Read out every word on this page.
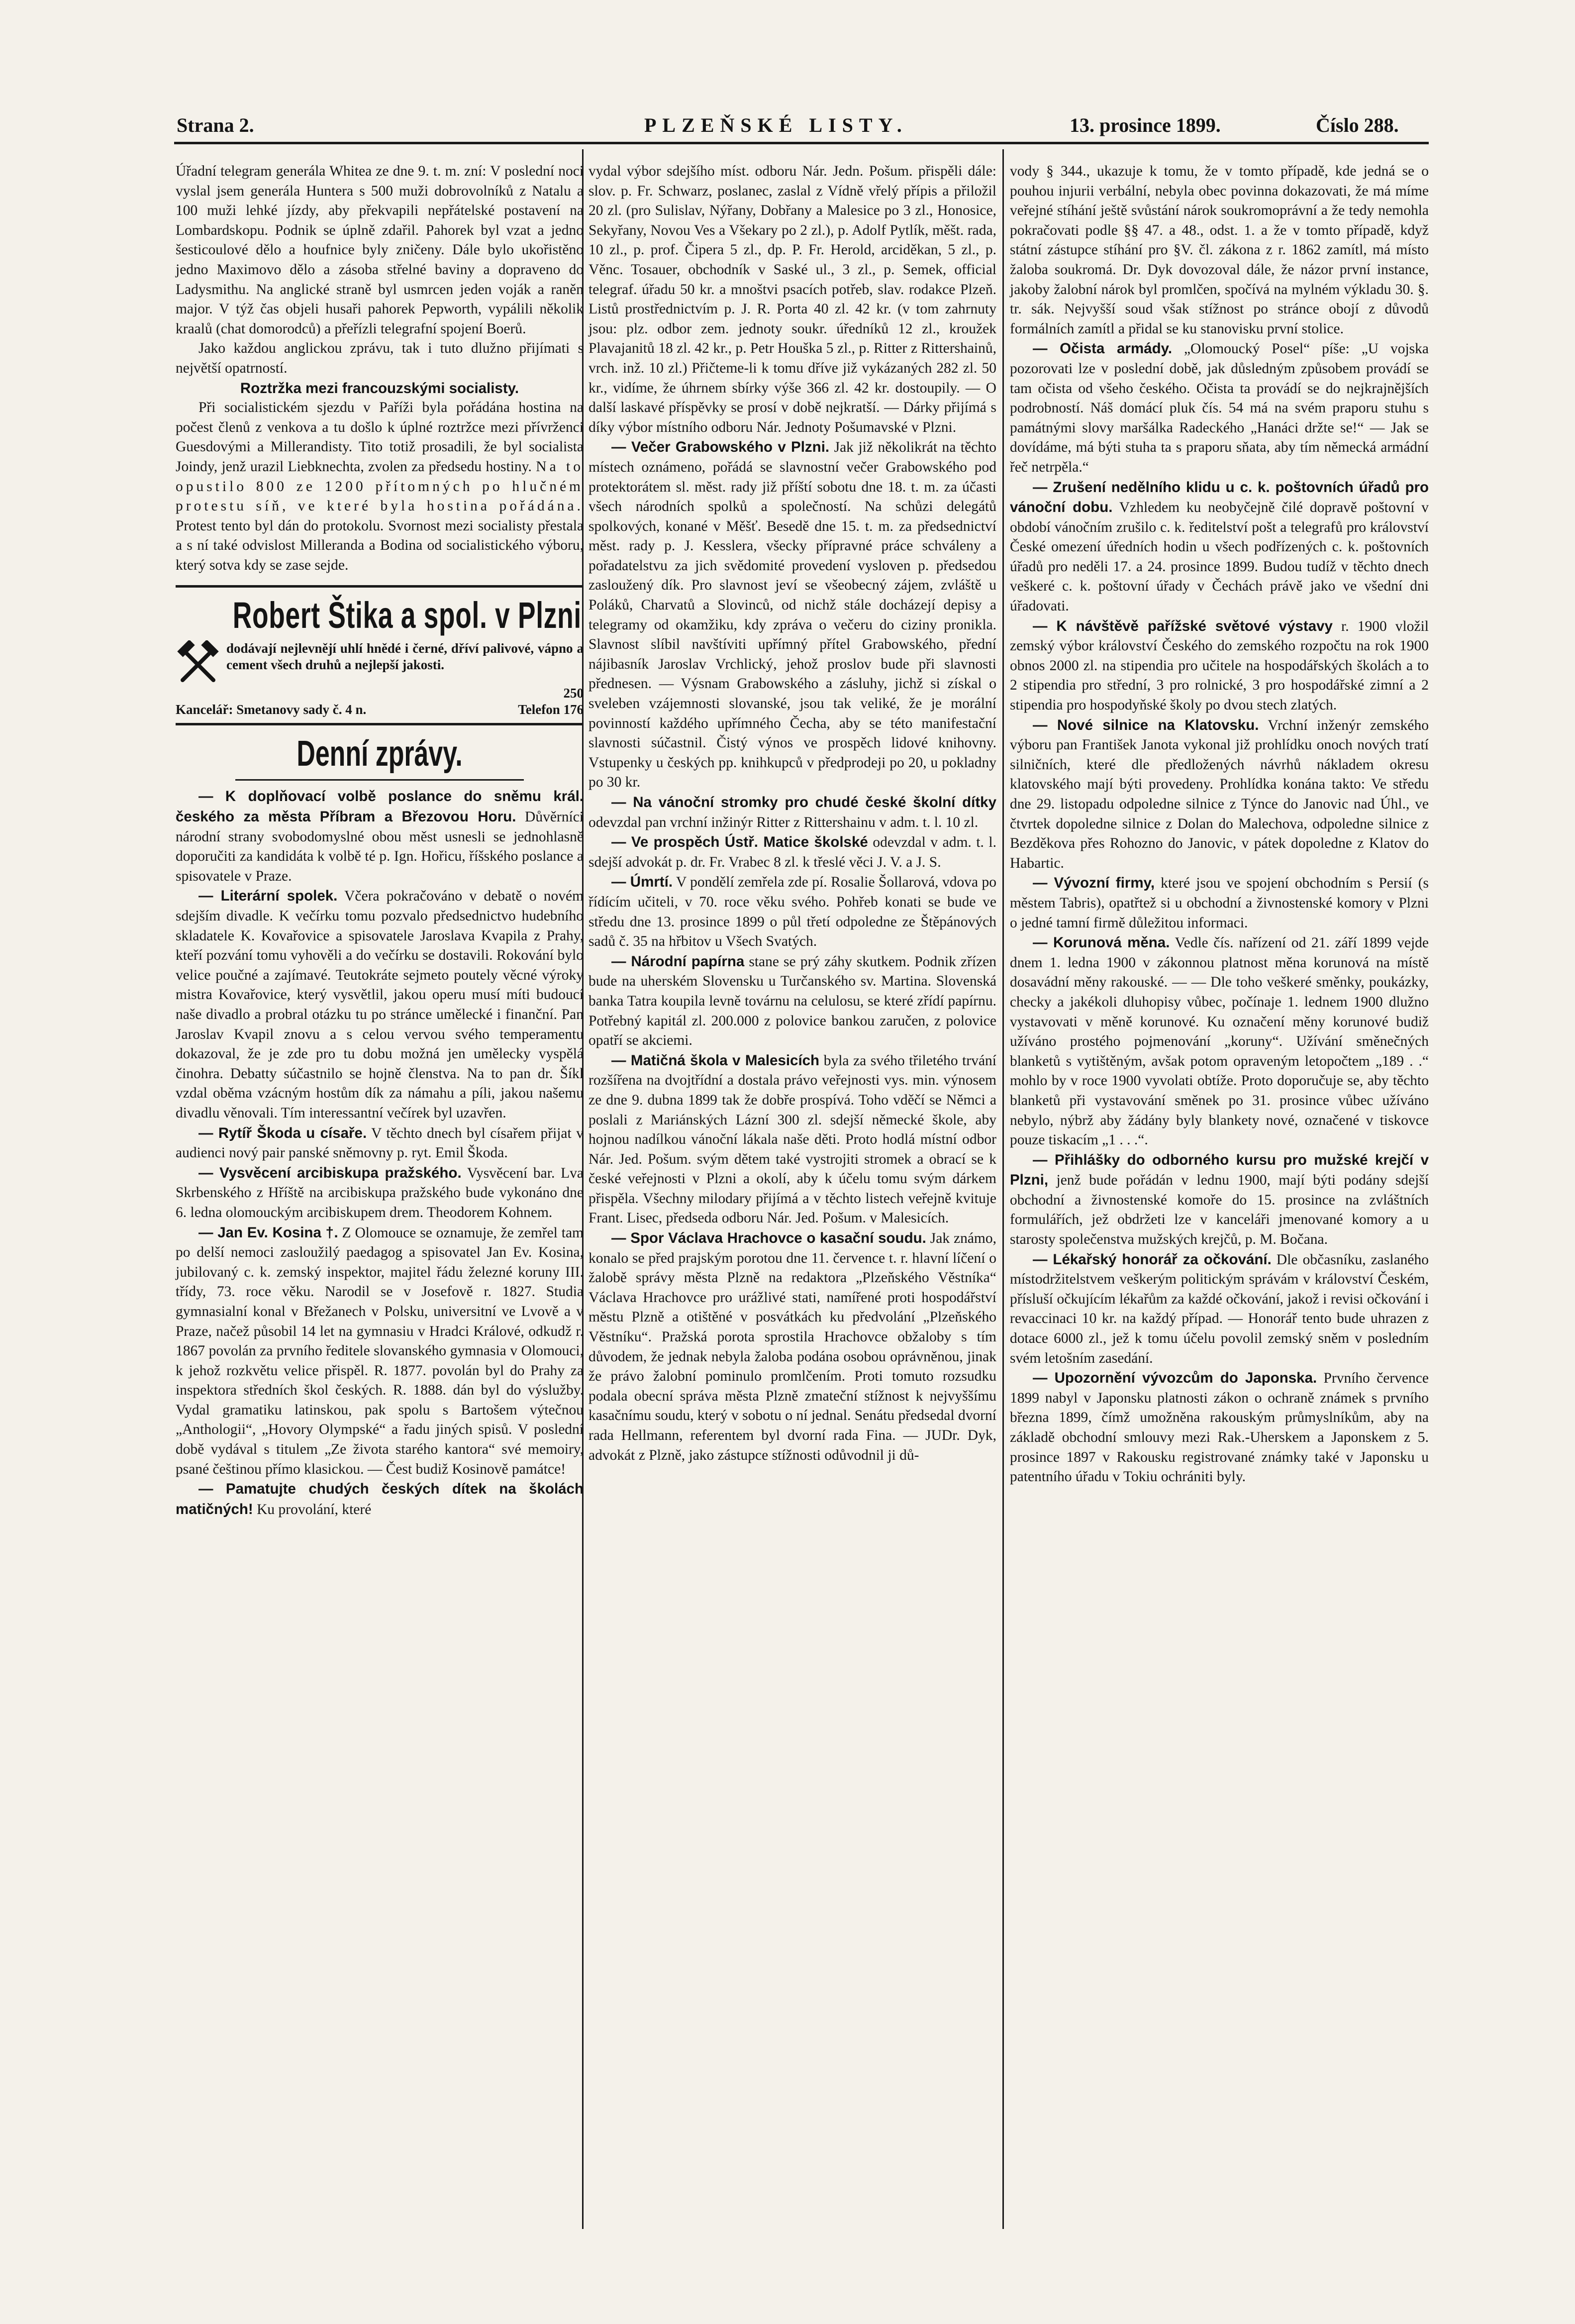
Strana 2.	PLZEŇSKÉ LISTY.	13. prosince 1899.	Číslo 288.

Úřadní telegram generála Whitea ze dne 9. t. m. zní: V poslední noci vyslal jsem generála Huntera s 500 muži dobrovolníků z Natalu a 100 muži lehké jízdy, aby překvapili nepřátelské postavení na Lombardskopu. Podnik se úplně zdařil. Pahorek byl vzat a jedno šesticoulové dělo a houfnice byly zničeny. Dále bylo ukořistěno jedno Maximovo dělo a zásoba střelné baviny a dopraveno do Ladysmithu. Na anglické straně byl usmrcen jeden voják a raněn major. V týž čas objeli husaři pahorek Pepworth, vypálili několik kraalů (chat domorodců) a přeřízli telegrafní spojení Boerů.

Jako každou anglickou zprávu, tak i tuto dlužno přijímati s největší opatrností.

Roztržka mezi francouzskými socialisty.

Při socialistickém sjezdu v Paříži byla pořádána hostina na počest členů z venkova a tu došlo k úplné roztržce mezi přívrženci Guesdovými a Millerandisty. Tito totiž prosadili, že byl socialista Joindy, jenž urazil Liebknechta, zvolen za předsedu hostiny. Na to opustilo 800 ze 1200 přítomných po hlučném protestu síň, ve které byla hostina pořádána. Protest tento byl dán do protokolu. Svornost mezi socialisty přestala a s ní také odvislost Milleranda a Bodina od socialistického výboru, který sotva kdy se zase sejde.

Robert Štika a spol. v Plzni
dodávají nejlevnějí uhlí hnědé i černé, dříví palivové, vápno a cement všech druhů a nejlepší jakosti.
250
Kancelář: Smetanovy sady č. 4 n.	Telefon 176
Denní zprávy.

— K doplňovací volbě poslance do sněmu král. českého za města Příbram a Březovou Horu. Důvěrníci národní strany svobodomyslné obou měst usnesli se jednohlasně doporučiti za kandidáta k volbě té p. Ign. Hořicu, říšského poslance a spisovatele v Praze.

— Literární spolek. Včera pokračováno v debatě o novém sdejším divadle. K večírku tomu pozvalo předsednictvo hudebního skladatele K. Kovařovice a spisovatele Jaroslava Kvapila z Prahy, kteří pozvání tomu vyhověli a do večírku se dostavili. Rokování bylo velice poučné a zajímavé. Teutokráte sejmeto poutely věcné výroky mistra Kovařovice, který vysvětlil, jakou operu musí míti budoucí naše divadlo a probral otázku tu po stránce umělecké i finanční. Pan Jaroslav Kvapil znovu a s celou vervou svého temperamentu dokazoval, že je zde pro tu dobu možná jen umělecky vyspělá činohra. Debatty súčastnilo se hojně členstva. Na to pan dr. Šíkl vzdal oběma vzácným hostům dík za námahu a píli, jakou našemu divadlu věnovali. Tím interessantní večírek byl uzavřen.

— Rytíř Škoda u císaře. V těchto dnech byl císařem přijat v audienci nový pair panské sněmovny p. ryt. Emil Škoda.

— Vysvěcení arcibiskupa pražského. Vysvěcení bar. Lva Skrbenského z Hříště na arcibiskupa pražského bude vykonáno dne 6. ledna olomouckým arcibiskupem drem. Theodorem Kohnem.

— Jan Ev. Kosina †. Z Olomouce se oznamuje, že zemřel tam po delší nemoci zasloužilý paedagog a spisovatel Jan Ev. Kosina, jubilovaný c. k. zemský inspektor, majitel řádu železné koruny III. třídy, 73. roce věku. Narodil se v Josefově r. 1827. Studia gymnasialní konal v Břežanech v Polsku, universitní ve Lvově a v Praze, načež působil 14 let na gymnasiu v Hradci Králové, odkudž r. 1867 povolán za prvního ředitele slovanského gymnasia v Olomouci, k jehož rozkvětu velice přispěl. R. 1877. povolán byl do Prahy za inspektora středních škol českých. R. 1888. dán byl do výslužby. Vydal gramatiku latinskou, pak spolu s Bartošem výtečnou „Anthologii“, „Hovory Olympské“ a řadu jiných spisů. V poslední době vydával s titulem „Ze života starého kantora“ své memoiry, psané češtinou přímo klasickou. — Čest budiž Kosinově památce!

— Pamatujte chudých českých dítek na školách matičných! Ku provolání, které

vydal výbor sdejšího míst. odboru Nár. Jedn. Pošum. přispěli dále: slov. p. Fr. Schwarz, poslanec, zaslal z Vídně vřelý přípis a přiložil 20 zl. (pro Sulislav, Nýřany, Dobřany a Malesice po 3 zl., Honosice, Sekyřany, Novou Ves a Všekary po 2 zl.), p. Adolf Pytlík, měšt. rada, 10 zl., p. prof. Čipera 5 zl., dp. P. Fr. Herold, arciděkan, 5 zl., p. Věnc. Tosauer, obchodník v Saské ul., 3 zl., p. Semek, official telegraf. úřadu 50 kr. a mnoštvi psacích potřeb, slav. rodakce Plzeň. Listů prostřednictvím p. J. R. Porta 40 zl. 42 kr. (v tom zahrnuty jsou: plz. odbor zem. jednoty soukr. úředníků 12 zl., kroužek Plavajanitů 18 zl. 42 kr., p. Petr Houška 5 zl., p. Ritter z Rittershainů, vrch. inž. 10 zl.) Přičteme-li k tomu dříve již vykázaných 282 zl. 50 kr., vidíme, že úhrnem sbírky výše 366 zl. 42 kr. dostoupily. — O další laskavé příspěvky se prosí v době nejkratší. — Dárky přijímá s díky výbor místního odboru Nár. Jednoty Pošumavské v Plzni.

— Večer Grabowského v Plzni. Jak již několikrát na těchto místech oznámeno, pořádá se slavnostní večer Grabowského pod protektorátem sl. měst. rady již příští sobotu dne 18. t. m. za účasti všech národních spolků a společností. Na schůzi delegátů spolkových, konané v Měšť. Besedě dne 15. t. m. za předsednictví měst. rady p. J. Kesslera, všecky přípravné práce schváleny a pořadatelstvu za jich svědomité provedení vysloven p. předsedou zasloužený dík. Pro slavnost jeví se všeobecný zájem, zvláště u Poláků, Charvatů a Slovinců, od nichž stále docházejí depisy a telegramy od okamžiku, kdy zpráva o večeru do ciziny pronikla. Slavnost slíbil navštíviti upřímný přítel Grabowského, přední nájibasník Jaroslav Vrchlický, jehož proslov bude při slavnosti přednesen. — Výsnam Grabowského a zásluhy, jichž si získal o sveleben vzájemnosti slovanské, jsou tak veliké, že je morální povinností každého upřímného Čecha, aby se této manifestační slavnosti súčastnil. Čistý výnos ve prospěch lidové knihovny. Vstupenky u českých pp. knihkupců v předprodeji po 20, u pokladny po 30 kr.

— Na vánoční stromky pro chudé české školní dítky odevzdal pan vrchní inžinýr Ritter z Rittershainu v adm. t. l. 10 zl.

— Ve prospěch Ústř. Matice školské odevzdal v adm. t. l. sdejší advokát p. dr. Fr. Vrabec 8 zl. k třeslé věci J. V. a J. S.

— Úmrtí. V pondělí zemřela zde pí. Rosalie Šollarová, vdova po řídícím učiteli, v 70. roce věku svého. Pohřeb konati se bude ve středu dne 13. prosince 1899 o půl třetí odpoledne ze Štěpánových sadů č. 35 na hřbitov u Všech Svatých.

— Národní papírna stane se prý záhy skutkem. Podnik zřízen bude na uherském Slovensku u Turčanského sv. Martina. Slovenská banka Tatra koupila levně továrnu na celulosu, se které zřídí papírnu. Potřebný kapitál zl. 200.000 z polovice bankou zaručen, z polovice opatří se akciemi.

— Matičná škola v Malesicích byla za svého třiletého trvání rozšířena na dvojtřídní a dostala právo veřejnosti vys. min. výnosem ze dne 9. dubna 1899 tak že dobře prospívá. Toho vděčí se Němci a poslali z Mariánských Lázní 300 zl. sdejší německé škole, aby hojnou nadílkou vánoční lákala naše děti. Proto hodlá místní odbor Nár. Jed. Pošum. svým dětem také vystrojiti stromek a obrací se k české veřejnosti v Plzni a okolí, aby k účelu tomu svým dárkem přispěla. Všechny milodary přijímá a v těchto listech veřejně kvituje Frant. Lisec, předseda odboru Nár. Jed. Pošum. v Malesicích.

— Spor Václava Hrachovce o kasační soudu. Jak známo, konalo se před prajským porotou dne 11. července t. r. hlavní líčení o žalobě správy města Plzně na redaktora „Plzeňského Věstníka“ Václava Hrachovce pro urážlivé stati, namířené proti hospodářství městu Plzně a otištěné v posvátkách ku předvolání „Plzeňského Věstníku“. Pražská porota sprostila Hrachovce obžaloby s tím důvodem, že jednak nebyla žaloba podána osobou oprávněnou, jinak že právo žalobní pominulo promlčením. Proti tomuto rozsudku podala obecní správa města Plzně zmateční stížnost k nejvyššímu kasačnímu soudu, který v sobotu o ní jednal. Senátu předsedal dvorní rada Hellmann, referentem byl dvorní rada Fina. — JUDr. Dyk, advokát z Plzně, jako zástupce stížnosti odůvodnil ji dů-

vody § 344., ukazuje k tomu, že v tomto případě, kde jedná se o pouhou injurii verbální, nebyla obec povinna dokazovati, že má míme veřejné stíhání ještě svůstání nárok soukromoprávní a že tedy nemohla pokračovati podle §§ 47. a 48., odst. 1. a že v tomto případě, když státní zástupce stíhání pro §V. čl. zákona z r. 1862 zamítl, má místo žaloba soukromá. Dr. Dyk dovozoval dále, že názor první instance, jakoby žalobní nárok byl promlčen, spočívá na mylném výkladu 30. §. tr. sák. Nejvyšší soud však stížnost po stránce obojí z důvodů formálních zamítl a přidal se ku stanovisku první stolice.

— Očista armády. „Olomoucký Posel“ píše: „U vojska pozorovati lze v poslední době, jak důsledným způsobem provádí se tam očista od všeho českého. Očista ta provádí se do nejkrajnějších podrobností. Náš domácí pluk čís. 54 má na svém praporu stuhu s památnými slovy maršálka Radeckého „Hanáci držte se!“ — Jak se dovídáme, má býti stuha ta s praporu sňata, aby tím německá armádní řeč netrpěla.“

— Zrušení nedělního klidu u c. k. poštovních úřadů pro vánoční dobu. Vzhledem ku neobyčejně čilé dopravě poštovní v období vánočním zrušilo c. k. ředitelství pošt a telegrafů pro království České omezení úředních hodin u všech podřízených c. k. poštovních úřadů pro neděli 17. a 24. prosince 1899. Budou tudíž v těchto dnech veškeré c. k. poštovní úřady v Čechách právě jako ve všední dni úřadovati.

— K návštěvě pařížské světové výstavy r. 1900 vložil zemský výbor království Českého do zemského rozpočtu na rok 1900 obnos 2000 zl. na stipendia pro učitele na hospodářských školách a to 2 stipendia pro střední, 3 pro rolnické, 3 pro hospodářské zimní a 2 stipendia pro hospodyňské školy po dvou stech zlatých.

— Nové silnice na Klatovsku. Vrchní inženýr zemského výboru pan František Janota vykonal již prohlídku onoch nových tratí silničních, které dle předložených návrhů nákladem okresu klatovského mají býti provedeny. Prohlídka konána takto: Ve středu dne 29. listopadu odpoledne silnice z Týnce do Janovic nad Úhl., ve čtvrtek dopoledne silnice z Dolan do Malechova, odpoledne silnice z Bezděkova přes Rohozno do Janovic, v pátek dopoledne z Klatov do Habartic.

— Vývozní firmy, které jsou ve spojení obchodním s Persií (s městem Tabris), opatřtež si u obchodní a živnostenské komory v Plzni o jedné tamní firmě důležitou informaci.

— Korunová měna. Vedle čís. nařízení od 21. září 1899 vejde dnem 1. ledna 1900 v zákonnou platnost měna korunová na místě dosavádní měny rakouské. — — Dle toho veškeré směnky, poukázky, checky a jakékoli dluhopisy vůbec, počínaje 1. lednem 1900 dlužno vystavovati v měně korunové. Ku označení měny korunové budiž užíváno prostého pojmenování „koruny“. Užívání směnečných blanketů s vytištěným, avšak potom opraveným letopočtem „189 . .“ mohlo by v roce 1900 vyvolati obtíže. Proto doporučuje se, aby těchto blanketů při vystavování směnek po 31. prosince vůbec užíváno nebylo, nýbrž aby žádány byly blankety nové, označené v tiskovce pouze tiskacím „1 . . .“.

— Přihlášky do odborného kursu pro mužské krejčí v Plzni, jenž bude pořádán v lednu 1900, mají býti podány sdejší obchodní a živnostenské komoře do 15. prosince na zvláštních formulářích, jež obdržeti lze v kanceláři jmenované komory a u starosty společenstva mužských krejčů, p. M. Bočana.

— Lékařský honorář za očkování. Dle občasníku, zaslaného místodržitelstvem veškerým politickým správám v království Českém, přísluší očkujícím lékařům za každé očkování, jakož i revisi očkování i revaccinaci 10 kr. na každý případ. — Honorář tento bude uhrazen z dotace 6000 zl., jež k tomu účelu povolil zemský sněm v posledním svém letošním zasedání.

— Upozornění vývozcům do Japonska. Prvního července 1899 nabyl v Japonsku platnosti zákon o ochraně známek s prvního března 1899, čímž umožněna rakouským průmyslníkům, aby na základě obchodní smlouvy mezi Rak.-Uherskem a Japonskem z 5. prosince 1897 v Rakousku registrované známky také v Japonsku u patentního úřadu v Tokiu ochrániti byly.
